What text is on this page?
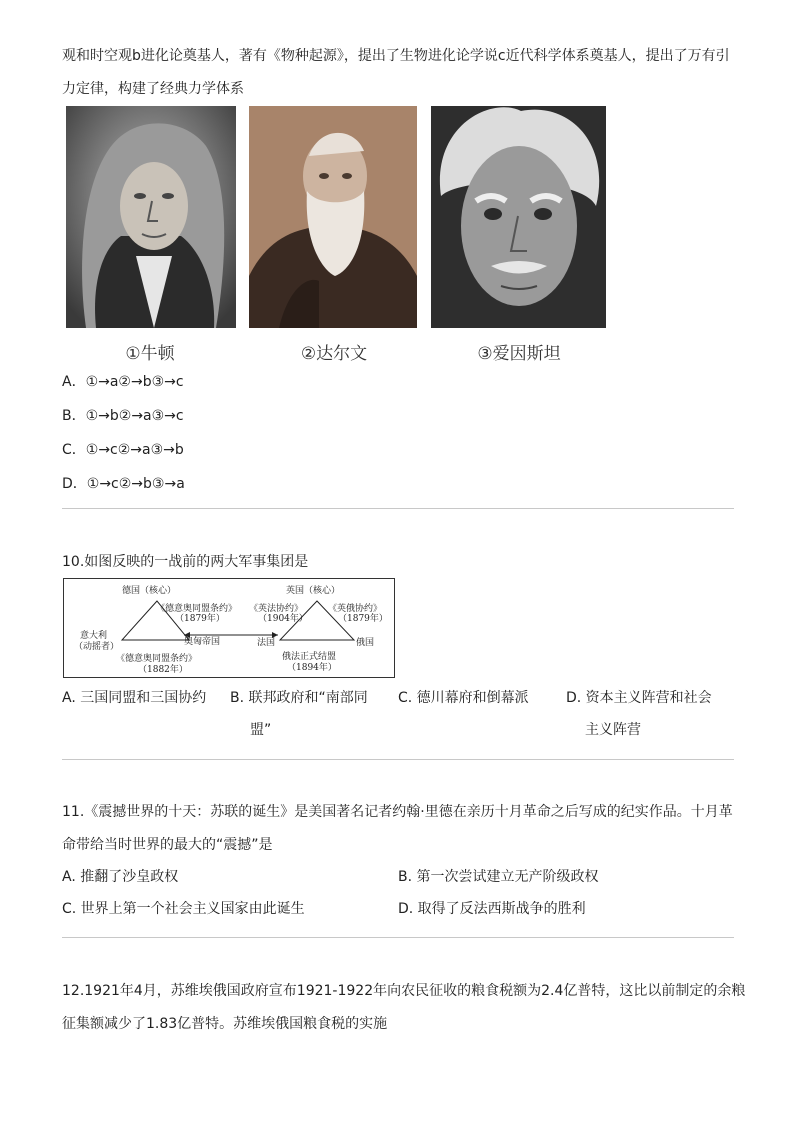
观和时空观b进化论奠基人，著有《物种起源》，提出了生物进化论学说c近代科学体系奠基人，提出了万有引
力定律，构建了经典力学体系
①牛顿	②达尔文	③爱因斯坦
A．①→a②→b③→c
B．①→b②→a③→c
C．①→c②→a③→b
D．①→c②→b③→a
10.如图反映的一战前的两大军事集团是
德国（核心）
《德意奥同盟条约》
（1879年）
意大利
（动摇者）	奥匈帝国
《德意奥同盟条约》
（1882年）
英国（核心）
《英法协约》
（1904年）
《英俄协约》
（1879年）
法国	俄国
俄法正式结盟
（1894年）
A. 三国同盟和三国协约 B. 联邦政府和“南部同
盟”
C. 德川幕府和倒幕派	D. 资本主义阵营和社会
主义阵营
11.《震撼世界的十天：苏联的诞生》是美国著名记者约翰·里德在亲历十月革命之后写成的纪实作品。十月革
命带给当时世界的最大的“震撼”是
A. 推翻了沙皇政权	B. 第一次尝试建立无产阶级政权
C. 世界上第一个社会主义国家由此诞生	D. 取得了反法西斯战争的胜利
12.1921年4月，苏维埃俄国政府宣布1921-1922年向农民征收的粮食税额为2.4亿普特，这比以前制定的余粮
征集额减少了1.83亿普特。苏维埃俄国粮食税的实施
